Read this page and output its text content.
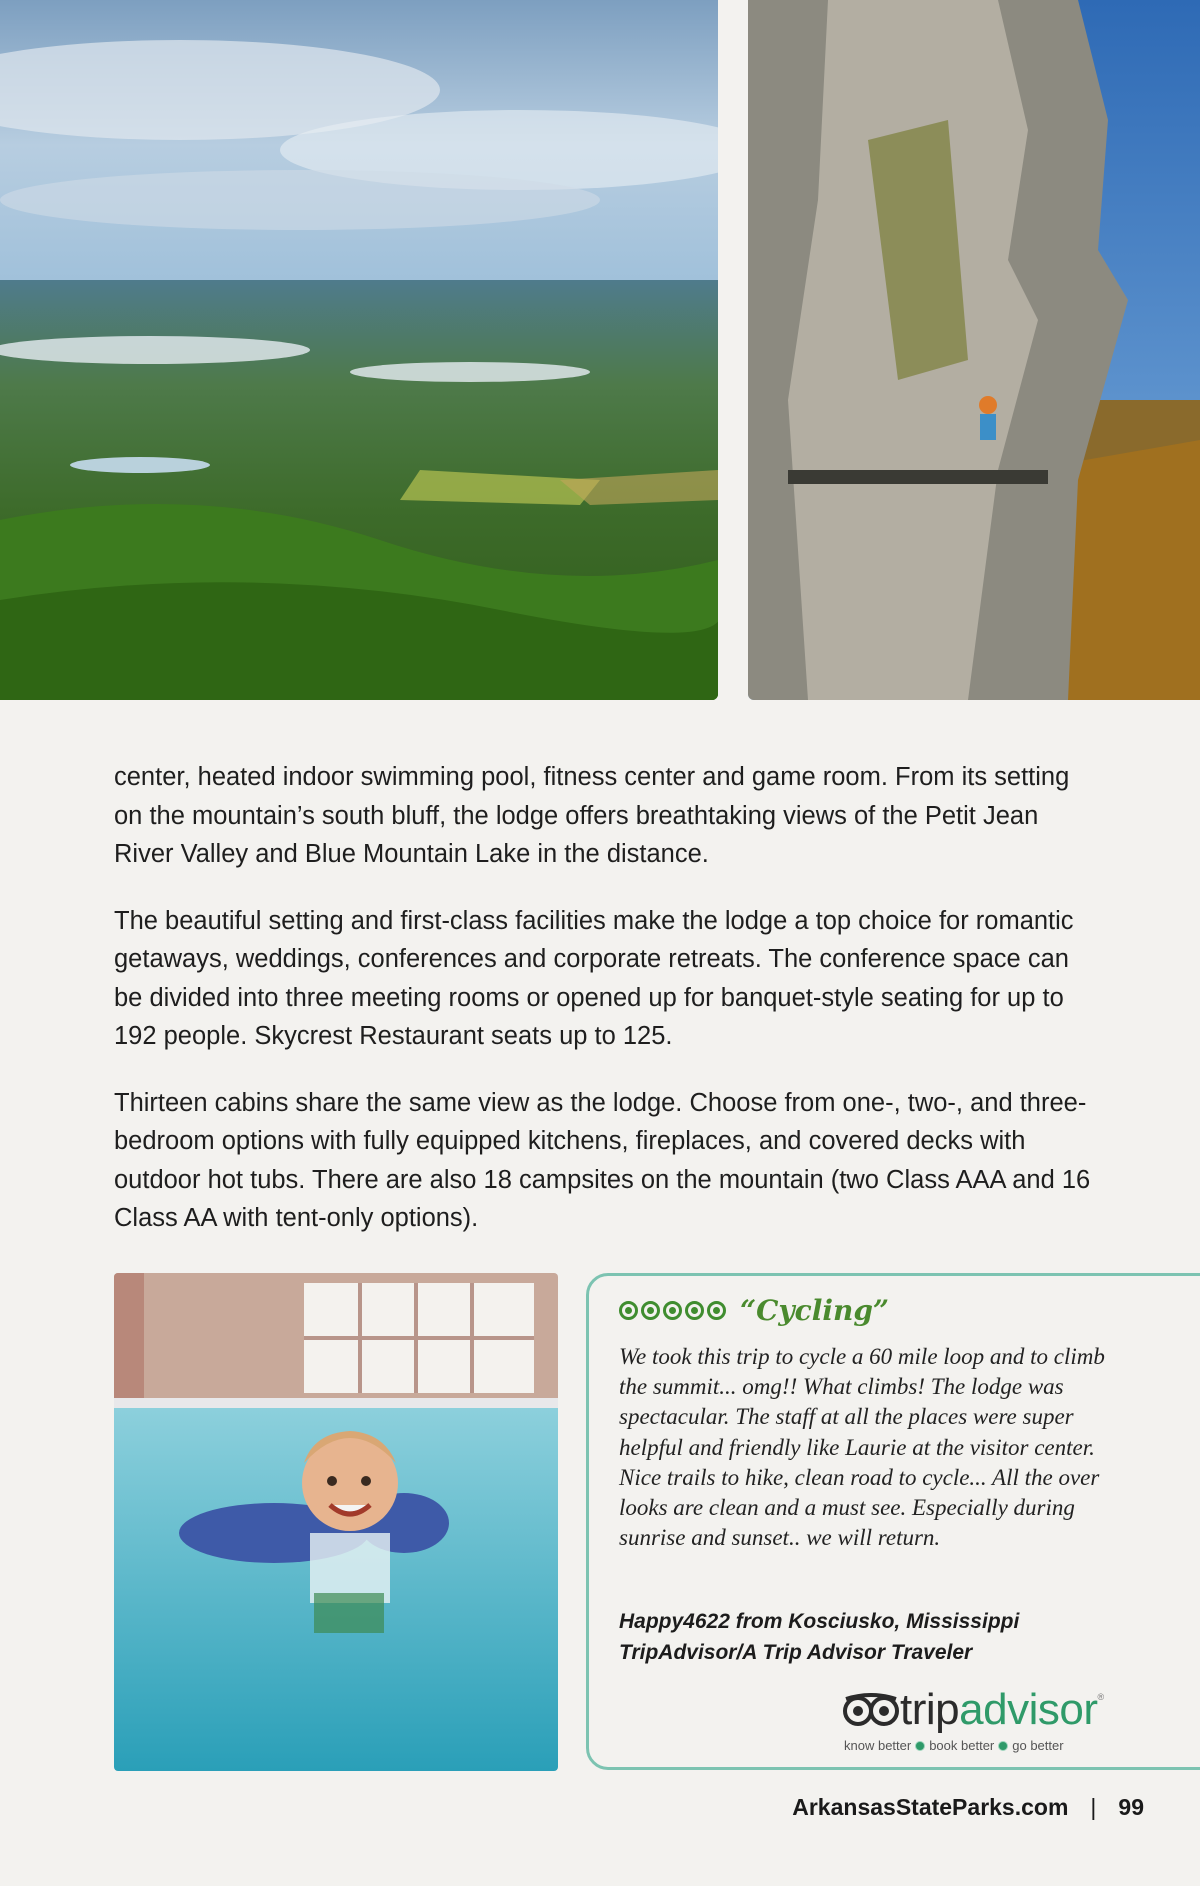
center, heated indoor swimming pool, fitness center and game room. From its setting on the mountain’s south bluff, the lodge offers breathtaking views of the Petit Jean River Valley and Blue Mountain Lake in the distance.

The beautiful setting and first-class facilities make the lodge a top choice for romantic getaways, weddings, conferences and corporate retreats. The conference space can be divided into three meeting rooms or opened up for banquet-style seating for up to 192 people. Skycrest Restaurant seats up to 125.

Thirteen cabins share the same view as the lodge. Choose from one-, two-, and three-bedroom options with fully equipped kitchens, fireplaces, and covered decks with outdoor hot tubs. There are also 18 campsites on the mountain (two Class AAA and 16 Class AA with tent-only options).

“Cycling”
We took this trip to cycle a 60 mile loop and to climb the summit... omg!! What climbs! The lodge was spectacular. The staff at all the places were super helpful and friendly like Laurie at the visitor center. Nice trails to hike, clean road to cycle... All the over looks are clean and a must see. Especially during sunrise and sunset.. we will return.
Happy4622 from Kosciusko, Mississippi
TripAdvisor/A Trip Advisor Traveler
trip advisor ®
know better book better go better
ArkansasStateParks.com | 99
